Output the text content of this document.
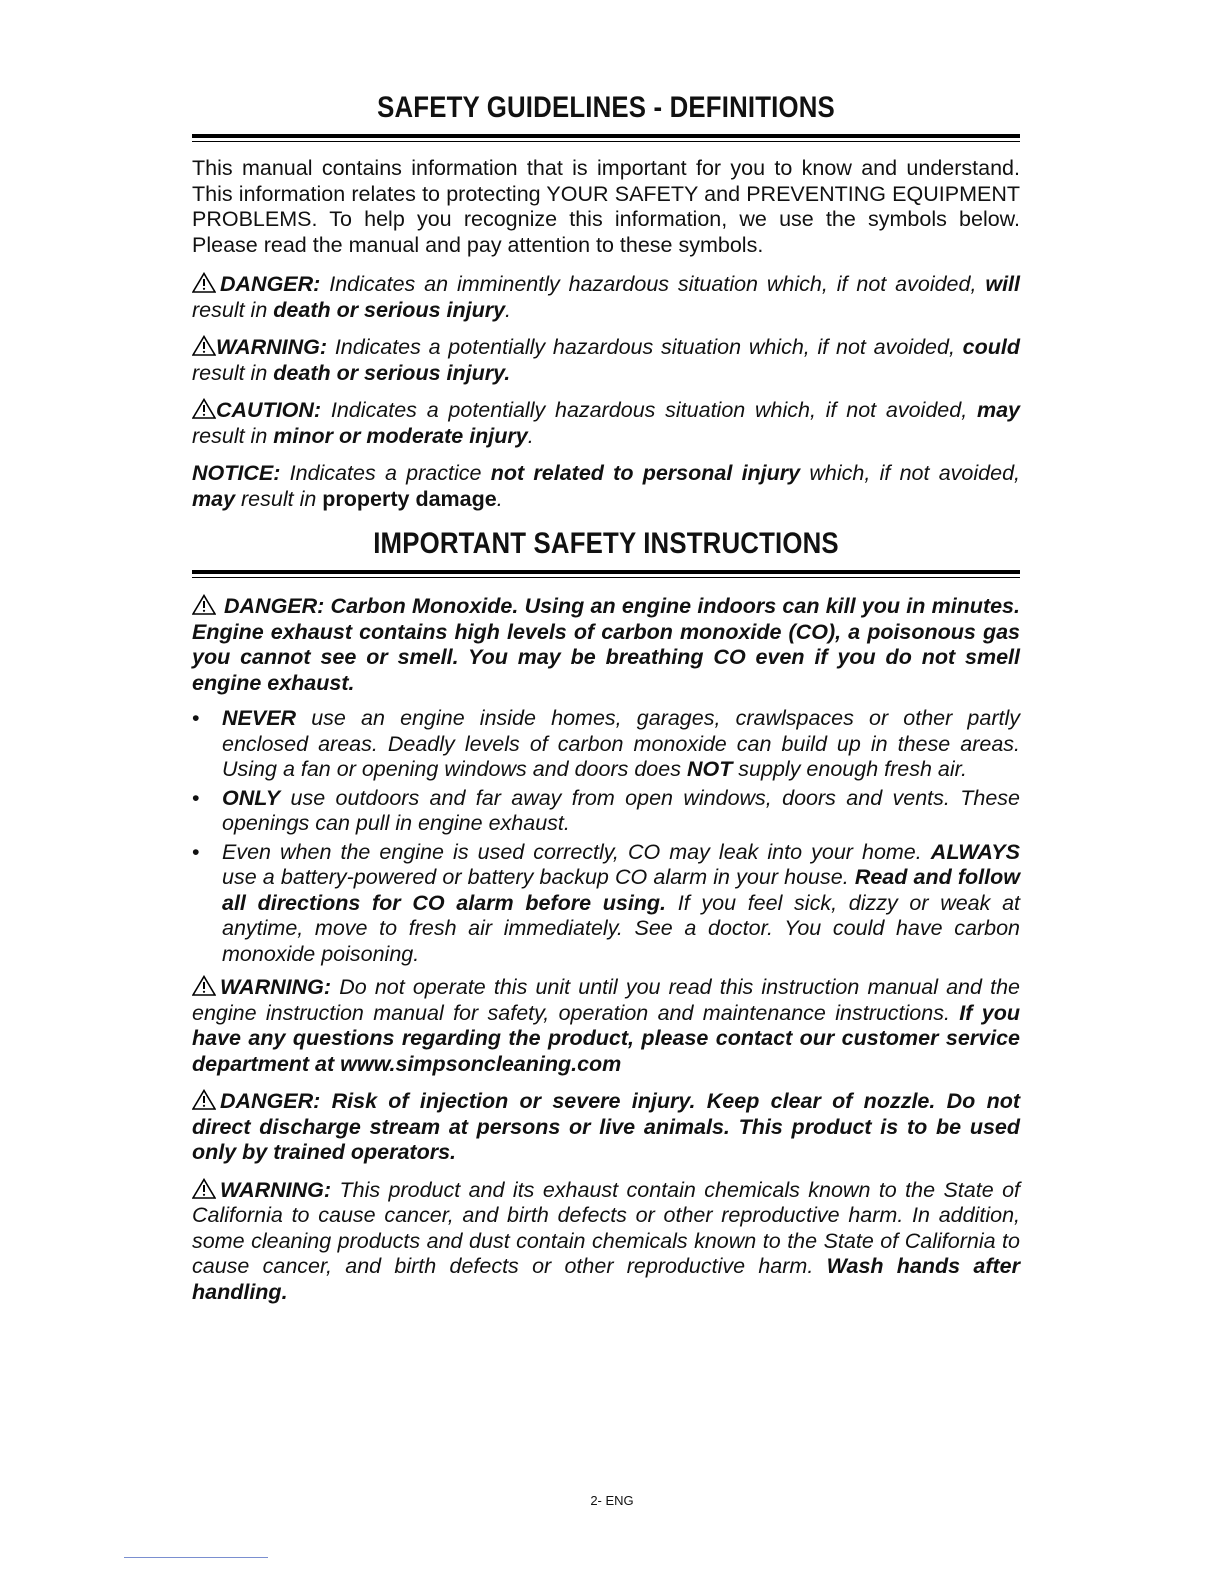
SAFETY GUIDELINES - DEFINITIONS

This manual contains information that is important for you to know and understand. This information relates to protecting YOUR SAFETY and PREVENTING EQUIPMENT PROBLEMS. To help you recognize this information, we use the symbols below. Please read the manual and pay attention to these symbols.

DANGER: Indicates an imminently hazardous situation which, if not avoided, will result in death or serious injury.

WARNING: Indicates a potentially hazardous situation which, if not avoided, could result in death or serious injury.

CAUTION: Indicates a potentially hazardous situation which, if not avoided, may result in minor or moderate injury.

NOTICE: Indicates a practice not related to personal injury which, if not avoided, may result in property damage.

IMPORTANT SAFETY INSTRUCTIONS

DANGER: Carbon Monoxide. Using an engine indoors can kill you in minutes. Engine exhaust contains high levels of carbon monoxide (CO), a poisonous gas you cannot see or smell. You may be breathing CO even if you do not smell engine exhaust.

• NEVER use an engine inside homes, garages, crawlspaces or other partly enclosed areas. Deadly levels of carbon monoxide can build up in these areas. Using a fan or opening windows and doors does NOT supply enough fresh air.
• ONLY use outdoors and far away from open windows, doors and vents. These openings can pull in engine exhaust.
• Even when the engine is used correctly, CO may leak into your home. ALWAYS use a battery-powered or battery backup CO alarm in your house. Read and follow all directions for CO alarm before using. If you feel sick, dizzy or weak at anytime, move to fresh air immediately. See a doctor. You could have carbon monoxide poisoning.

WARNING: Do not operate this unit until you read this instruction manual and the engine instruction manual for safety, operation and maintenance instructions. If you have any questions regarding the product, please contact our customer service department at www.simpsoncleaning.com

DANGER: Risk of injection or severe injury. Keep clear of nozzle. Do not direct discharge stream at persons or live animals. This product is to be used only by trained operators.

WARNING: This product and its exhaust contain chemicals known to the State of California to cause cancer, and birth defects or other reproductive harm. In addition, some cleaning products and dust contain chemicals known to the State of California to cause cancer, and birth defects or other reproductive harm. Wash hands after handling.

2- ENG
